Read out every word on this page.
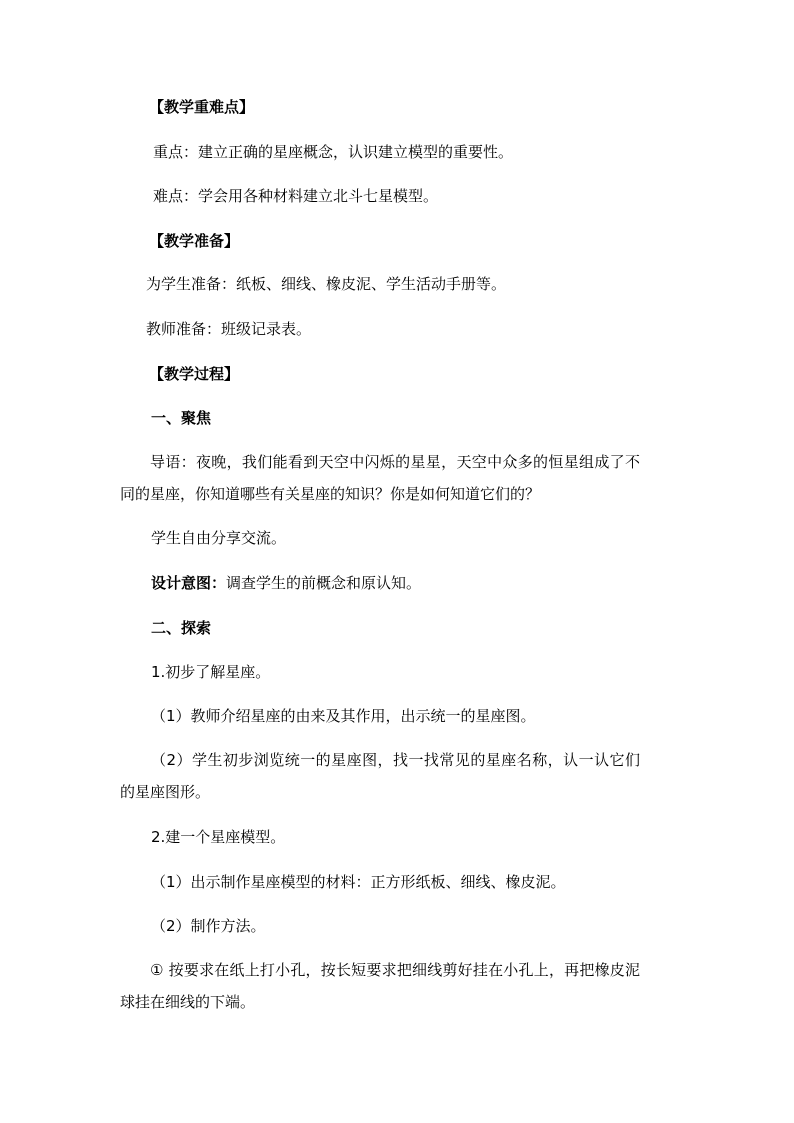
【教学重难点】
重点：建立正确的星座概念，认识建立模型的重要性。
难点：学会用各种材料建立北斗七星模型。
【教学准备】
为学生准备：纸板、细线、橡皮泥、学生活动手册等。
教师准备：班级记录表。
【教学过程】
一、聚焦
导语：夜晚，我们能看到天空中闪烁的星星，天空中众多的恒星组成了不同的星座，你知道哪些有关星座的知识？你是如何知道它们的？
学生自由分享交流。
设计意图：调查学生的前概念和原认知。
二、探索
1.初步了解星座。
（1）教师介绍星座的由来及其作用，出示统一的星座图。
（2）学生初步浏览统一的星座图，找一找常见的星座名称，认一认它们的星座图形。
2.建一个星座模型。
（1）出示制作星座模型的材料：正方形纸板、细线、橡皮泥。
（2）制作方法。
① 按要求在纸上打小孔，按长短要求把细线剪好挂在小孔上，再把橡皮泥球挂在细线的下端。
